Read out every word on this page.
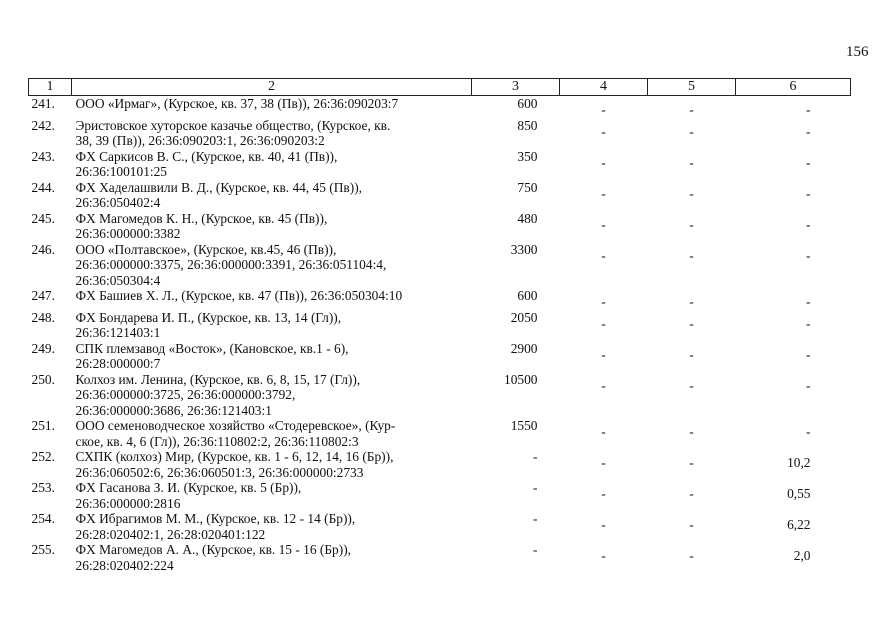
156
1	2	3	4	5	6
241.	ООО «Ирмаг», (Курское, кв. 37, 38 (Пв)), 26:36:090203:7	600	-	-	-
242.	Эристовское хуторское казачье общество, (Курское, кв.
38, 39 (Пв)), 26:36:090203:1, 26:36:090203:2	850	-	-	-
243.	ФХ Саркисов В. С., (Курское, кв. 40, 41 (Пв)),
26:36:100101:25	350	-	-	-
244.	ФХ Хаделашвили В. Д., (Курское, кв. 44, 45 (Пв)),
26:36:050402:4	750	-	-	-
245.	ФХ Магомедов К. Н., (Курское, кв. 45 (Пв)),
26:36:000000:3382	480	-	-	-
246.	ООО «Полтавское», (Курское, кв.45, 46 (Пв)),
26:36:000000:3375, 26:36:000000:3391, 26:36:051104:4,
26:36:050304:4	3300	-	-	-
247.	ФХ Башиев Х. Л., (Курское, кв. 47 (Пв)), 26:36:050304:10	600	-	-	-
248.	ФХ Бондарева И. П., (Курское, кв. 13, 14 (Гл)),
26:36:121403:1	2050	-	-	-
249.	СПК племзавод «Восток», (Кановское, кв.1 - 6),
26:28:000000:7	2900	-	-	-
250.	Колхоз им. Ленина, (Курское, кв. 6, 8, 15, 17 (Гл)),
26:36:000000:3725, 26:36:000000:3792,
26:36:000000:3686, 26:36:121403:1	10500	-	-	-
251.	ООО семеноводческое хозяйство «Стодеревское», (Кур-
ское, кв. 4, 6 (Гл)), 26:36:110802:2, 26:36:110802:3	1550	-	-	-
252.	СХПК (колхоз) Мир, (Курское, кв. 1 - 6, 12, 14, 16 (Бр)),
26:36:060502:6, 26:36:060501:3, 26:36:000000:2733	-	-	-	10,2
253.	ФХ Гасанова З. И. (Курское, кв. 5 (Бр)),
26:36:000000:2816	-	-	-	0,55
254.	ФХ Ибрагимов М. М., (Курское, кв. 12 - 14 (Бр)),
26:28:020402:1, 26:28:020401:122	-	-	-	6,22
255.	ФХ Магомедов А. А., (Курское, кв. 15 - 16 (Бр)),
26:28:020402:224	-	-	-	2,0
